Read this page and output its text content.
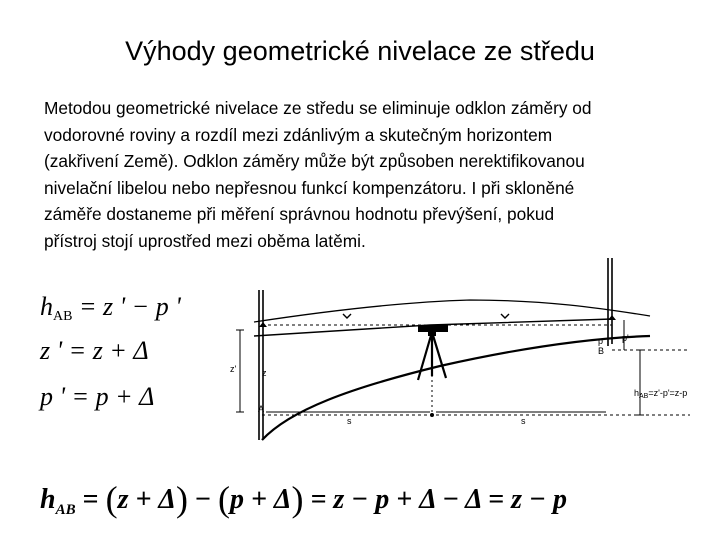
Výhody geometrické nivelace ze středu
Metodou geometrické nivelace ze středu se eliminuje odklon záměry od
vodorovné roviny a rozdíl mezi zdánlivým a skutečným horizontem
(zakřivení Země). Odklon záměry může být způsoben nerektifikovanou
nivelační libelou nebo nepřesnou funkcí kompenzátoru. I při skloněné
záměře dostaneme při měření správnou hodnotu převýšení, pokud
přístroj stojí uprostřed mezi oběma latěmi.
hAB = z ' − p '
z ' = z + Δ
p ' = p + Δ
z'	z
A
p'
p
B
s	s
$h_{AB}=z'-p'=z-p$
$h_{AB} = (z + \Delta) - (p + \Delta) = z - p + \Delta - \Delta = z - p$
